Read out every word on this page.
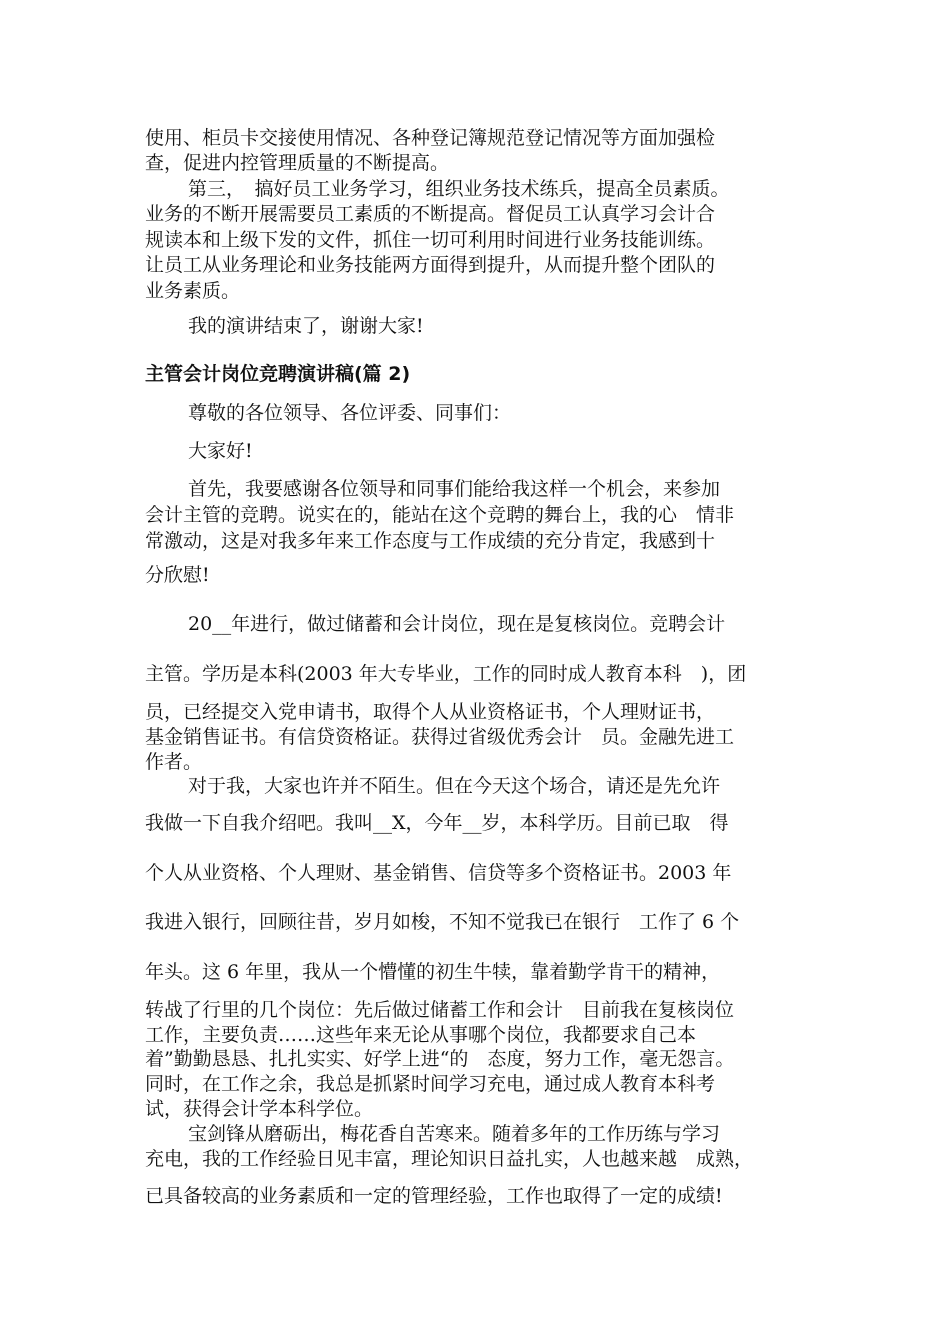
使用、柜员卡交接使用情况、各种登记簿规范登记情况等方面加强检
查，促进内控管理质量的不断提高。
第三，　搞好员工业务学习，组织业务技术练兵，提高全员素质。
业务的不断开展需要员工素质的不断提高。督促员工认真学习会计合
规读本和上级下发的文件，抓住一切可利用时间进行业务技能训练。
让员工从业务理论和业务技能两方面得到提升，从而提升整个团队的
业务素质。
我的演讲结束了，谢谢大家!
主管会计岗位竞聘演讲稿(篇 2)
尊敬的各位领导、各位评委、同事们：
大家好!
首先，我要感谢各位领导和同事们能给我这样一个机会，来参加
会计主管的竞聘。说实在的，能站在这个竞聘的舞台上，我的心　情非
常激动，这是对我多年来工作态度与工作成绩的充分肯定，我感到十
分欣慰!
20__年进行，做过储蓄和会计岗位，现在是复核岗位。竞聘会计
主管。学历是本科(2003 年大专毕业，工作的同时成人教育本科　)，团
员，已经提交入党申请书，取得个人从业资格证书，个人理财证书，
基金销售证书。有信贷资格证。获得过省级优秀会计　员。金融先进工
作者。
对于我，大家也许并不陌生。但在今天这个场合，请还是先允许
我做一下自我介绍吧。我叫__X，今年__岁，本科学历。目前已取　得
个人从业资格、个人理财、基金销售、信贷等多个资格证书。2003 年
我进入银行，回顾往昔，岁月如梭，不知不觉我已在银行　工作了 6 个
年头。这 6 年里，我从一个懵懂的初生牛犊，靠着勤学肯干的精神，
转战了行里的几个岗位：先后做过储蓄工作和会计　目前我在复核岗位
工作，主要负责……这些年来无论从事哪个岗位，我都要求自己本
着”勤勤恳恳、扎扎实实、好学上进“的　态度，努力工作，毫无怨言。
同时，在工作之余，我总是抓紧时间学习充电，通过成人教育本科考
试，获得会计学本科学位。
宝剑锋从磨砺出，梅花香自苦寒来。随着多年的工作历练与学习
充电，我的工作经验日见丰富，理论知识日益扎实，人也越来越　成熟，
已具备较高的业务素质和一定的管理经验，工作也取得了一定的成绩!
